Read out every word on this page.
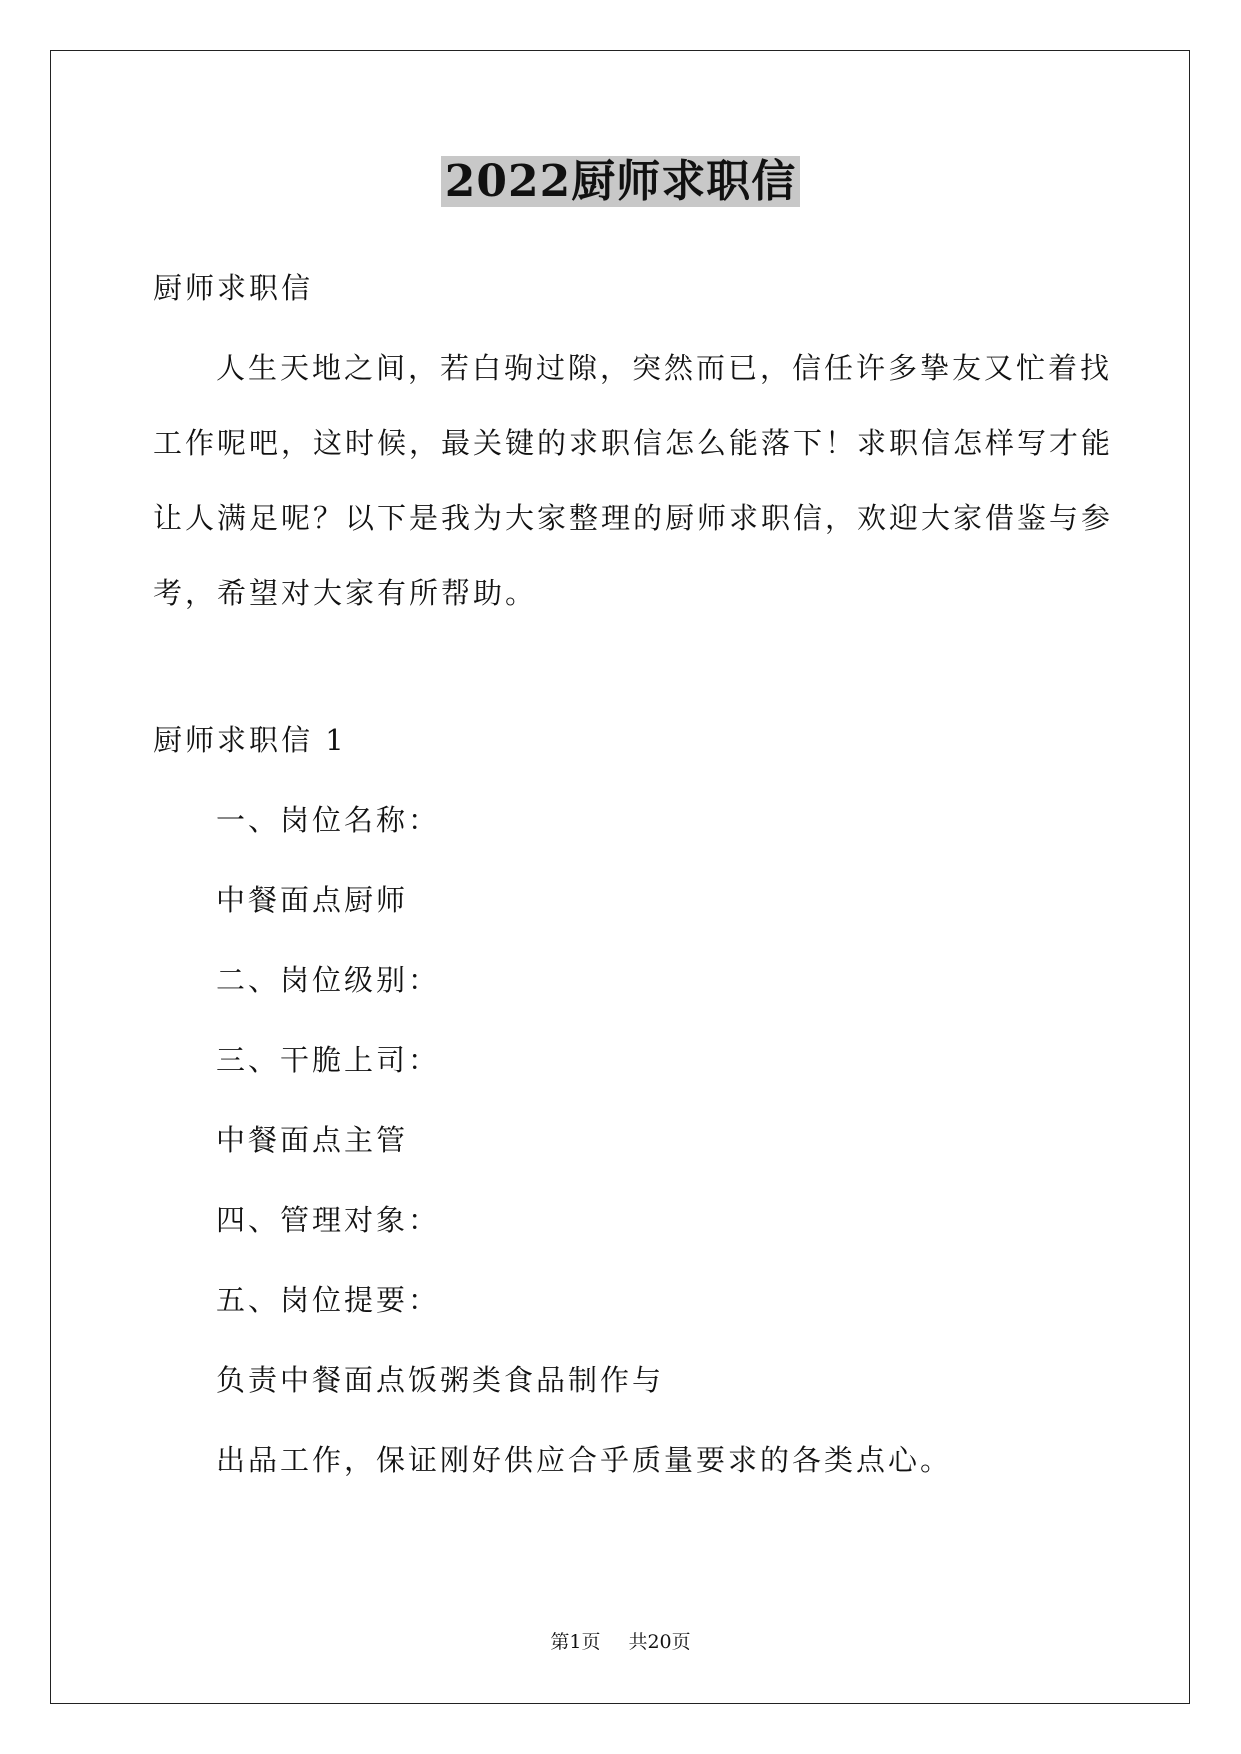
2022厨师求职信
厨师求职信
人生天地之间，若白驹过隙，突然而已，信任许多挚友又忙着找
工作呢吧，这时候，最关键的求职信怎么能落下！求职信怎样写才能
让人满足呢？以下是我为大家整理的厨师求职信，欢迎大家借鉴与参
考，希望对大家有所帮助。
厨师求职信 1
一、岗位名称：
中餐面点厨师
二、岗位级别：
三、干脆上司：
中餐面点主管
四、管理对象：
五、岗位提要：
负责中餐面点饭粥类食品制作与
出品工作，保证刚好供应合乎质量要求的各类点心。
第1页 共20页
